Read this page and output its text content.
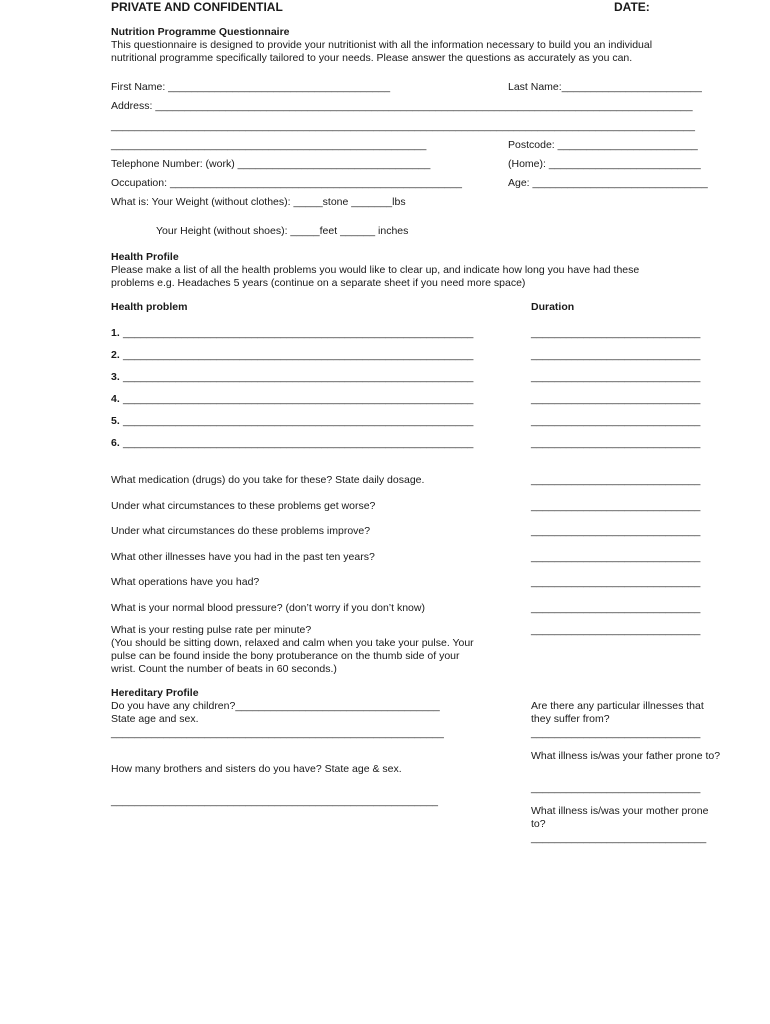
PRIVATE AND CONFIDENTIAL	DATE:
Nutrition Programme Questionnaire
This questionnaire is designed to provide your nutritionist with all the information necessary to build you an individual
nutritional programme specifically tailored to your needs. Please answer the questions as accurately as you can.
First Name: ______________________________________	Last Name:________________________
Address: ____________________________________________________________________________________________
____________________________________________________________________________________________________
______________________________________________________	Postcode: ________________________
Telephone Number: (work) _________________________________	(Home): __________________________
Occupation: __________________________________________________	Age: ______________________________
What is: Your Weight (without clothes): _____stone _______lbs
Your Height (without shoes): _____feet ______ inches
Health Profile
Please make a list of all the health problems you would like to clear up, and indicate how long you have had these
problems e.g. Headaches 5 years (continue on a separate sheet if you need more space)
Health problem	Duration
1. ____________________________________________________________	_____________________________
2. ____________________________________________________________	_____________________________
3. ____________________________________________________________	_____________________________
4. ____________________________________________________________	_____________________________
5. ____________________________________________________________	_____________________________
6. ____________________________________________________________	_____________________________
What medication (drugs) do you take for these? State daily dosage.	_____________________________
Under what circumstances to these problems get worse?	_____________________________
Under what circumstances do these problems improve?	_____________________________
What other illnesses have you had in the past ten years?	_____________________________
What operations have you had?	_____________________________
What is your normal blood pressure? (don’t worry if you don’t know)	_____________________________
What is your resting pulse rate per minute?	_____________________________
(You should be sitting down, relaxed and calm when you take your pulse. Your
pulse can be found inside the bony protuberance on the thumb side of your
wrist. Count the number of beats in 60 seconds.)
Hereditary Profile
Do you have any children?___________________________________
State age and sex.
_________________________________________________________
Are there any particular illnesses that
they suffer from?
_____________________________
What illness is/was your father prone to?
_____________________________
How many brothers and sisters do you have? State age & sex.
________________________________________________________
What illness is/was your mother prone
to?
______________________________
